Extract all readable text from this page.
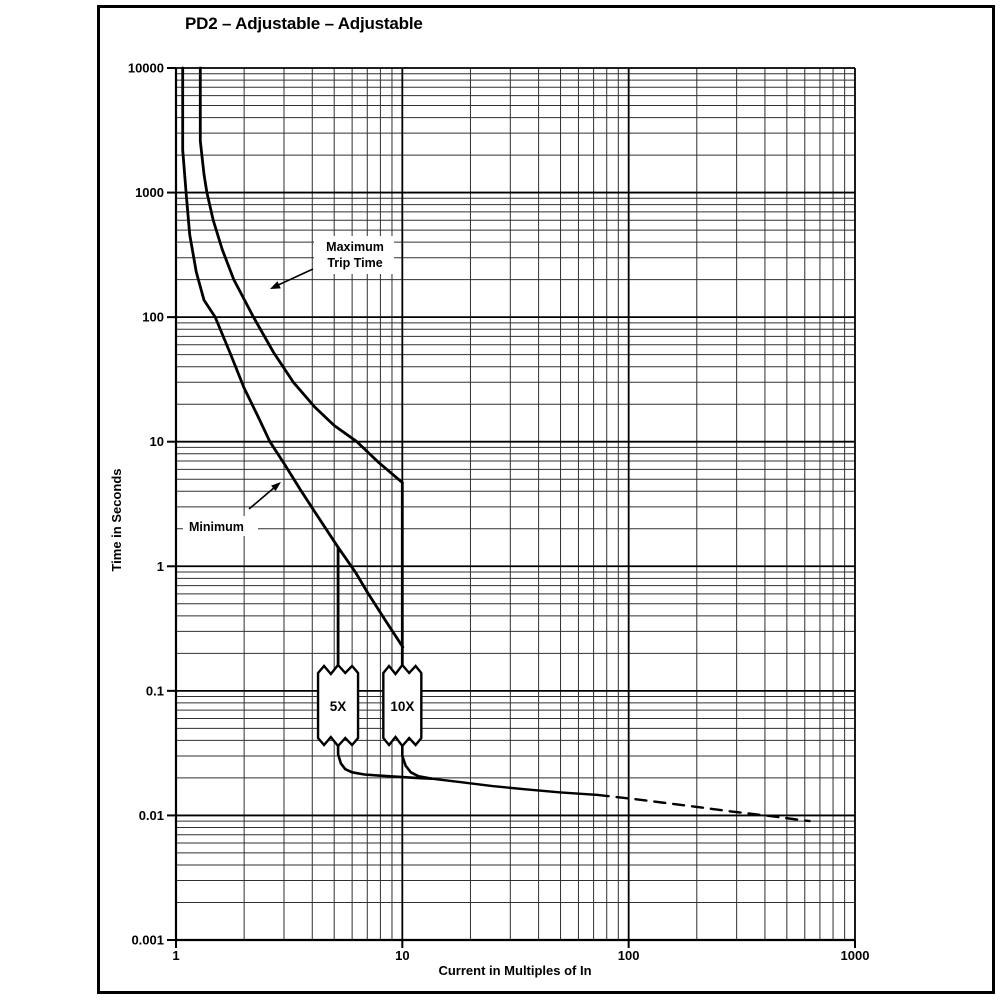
PD2 – Adjustable – Adjustable
Current in Multiples of In
Time in Seconds
10000
1000
100
10
1
0.1
0.01
0.001
1	10	100	1000
5X	10X
Maximum
Trip Time
Minimum
